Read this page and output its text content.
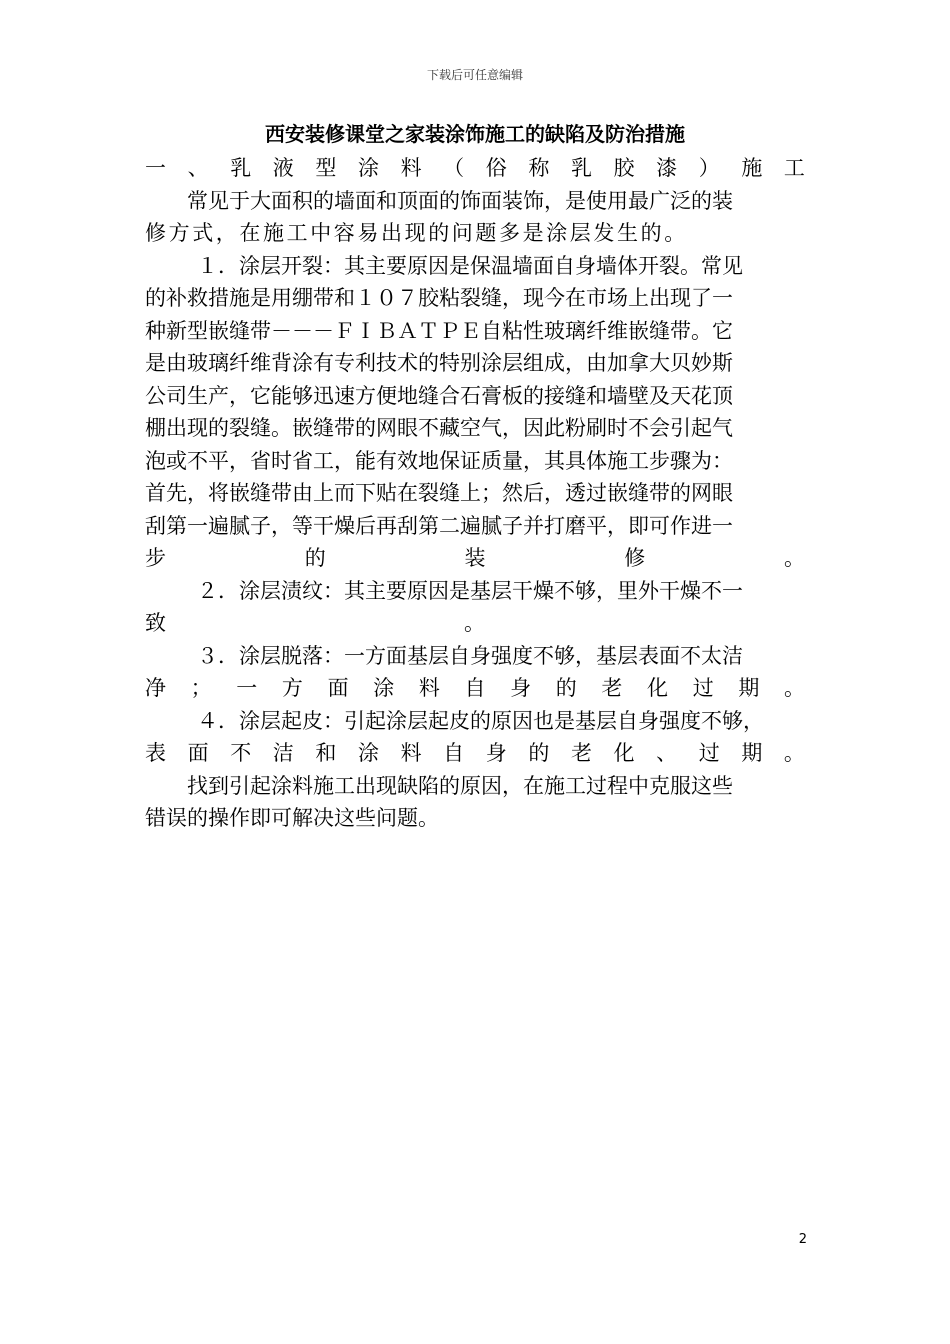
下载后可任意编辑
西安装修课堂之家装涂饰施工的缺陷及防治措施
一 、 乳 液 型 涂 料 （ 俗 称 乳 胶 漆 ） 施 工
常见于大面积的墙面和顶面的饰面装饰，是使用最广泛的装
修方式，在施工中容易出现的问题多是涂层发生的。
１．涂层开裂：其主要原因是保温墙面自身墙体开裂。常见
的补救措施是用绷带和１０７胶粘裂缝，现今在市场上出现了一
种新型嵌缝带－－－ＦＩＢＡＴＰＥ自粘性玻璃纤维嵌缝带。它
是由玻璃纤维背涂有专利技术的特别涂层组成，由加拿大贝妙斯
公司生产，它能够迅速方便地缝合石膏板的接缝和墙壁及天花顶
棚出现的裂缝。嵌缝带的网眼不藏空气，因此粉刷时不会引起气
泡或不平，省时省工，能有效地保证质量，其具体施工步骤为：
首先，将嵌缝带由上而下贴在裂缝上；然后，透过嵌缝带的网眼
刮第一遍腻子，等干燥后再刮第二遍腻子并打磨平，即可作进一
步	的	装	修	。
２．涂层渍纹：其主要原因是基层干燥不够，里外干燥不一
致	。
３．涂层脱落：一方面基层自身强度不够，基层表面不太洁
净 ； 一 方 面 涂 料 自 身 的 老 化 过 期 。
４．涂层起皮：引起涂层起皮的原因也是基层自身强度不够，
表 面 不 洁 和 涂 料 自 身 的 老 化 、 过 期 。
找到引起涂料施工出现缺陷的原因，在施工过程中克服这些
错误的操作即可解决这些问题。
2
